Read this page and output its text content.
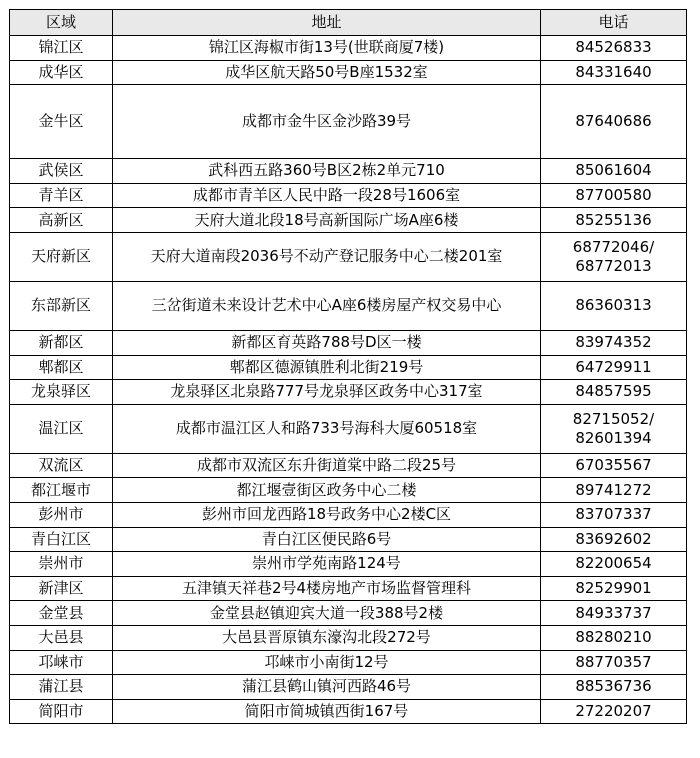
区域	地址	电话
锦江区	锦江区海椒市街13号(世联商厦7楼)	84526833
成华区	成华区航天路50号B座1532室	84331640
金牛区	成都市金牛区金沙路39号	87640686
武侯区	武科西五路360号B区2栋2单元710	85061604
青羊区	成都市青羊区人民中路一段28号1606室	87700580
高新区	天府大道北段18号高新国际广场A座6楼	85255136
天府新区	天府大道南段2036号不动产登记服务中心二楼201室	68772046/ 68772013
东部新区	三岔街道未来设计艺术中心A座6楼房屋产权交易中心	86360313
新都区	新都区育英路788号D区一楼	83974352
郫都区	郫都区德源镇胜利北街219号	64729911
龙泉驿区	龙泉驿区北泉路777号龙泉驿区政务中心317室	84857595
温江区	成都市温江区人和路733号海科大厦60518室	82715052/ 82601394
双流区	成都市双流区东升街道棠中路二段25号	67035567
都江堰市	都江堰壹街区政务中心二楼	89741272
彭州市	彭州市回龙西路18号政务中心2楼C区	83707337
青白江区	青白江区便民路6号	83692602
崇州市	崇州市学苑南路124号	82200654
新津区	五津镇天祥巷2号4楼房地产市场监督管理科	82529901
金堂县	金堂县赵镇迎宾大道一段388号2楼	84933737
大邑县	大邑县晋原镇东濠沟北段272号	88280210
邛崃市	邛崃市小南街12号	88770357
蒲江县	蒲江县鹤山镇河西路46号	88536736
简阳市	简阳市简城镇西街167号	27220207
